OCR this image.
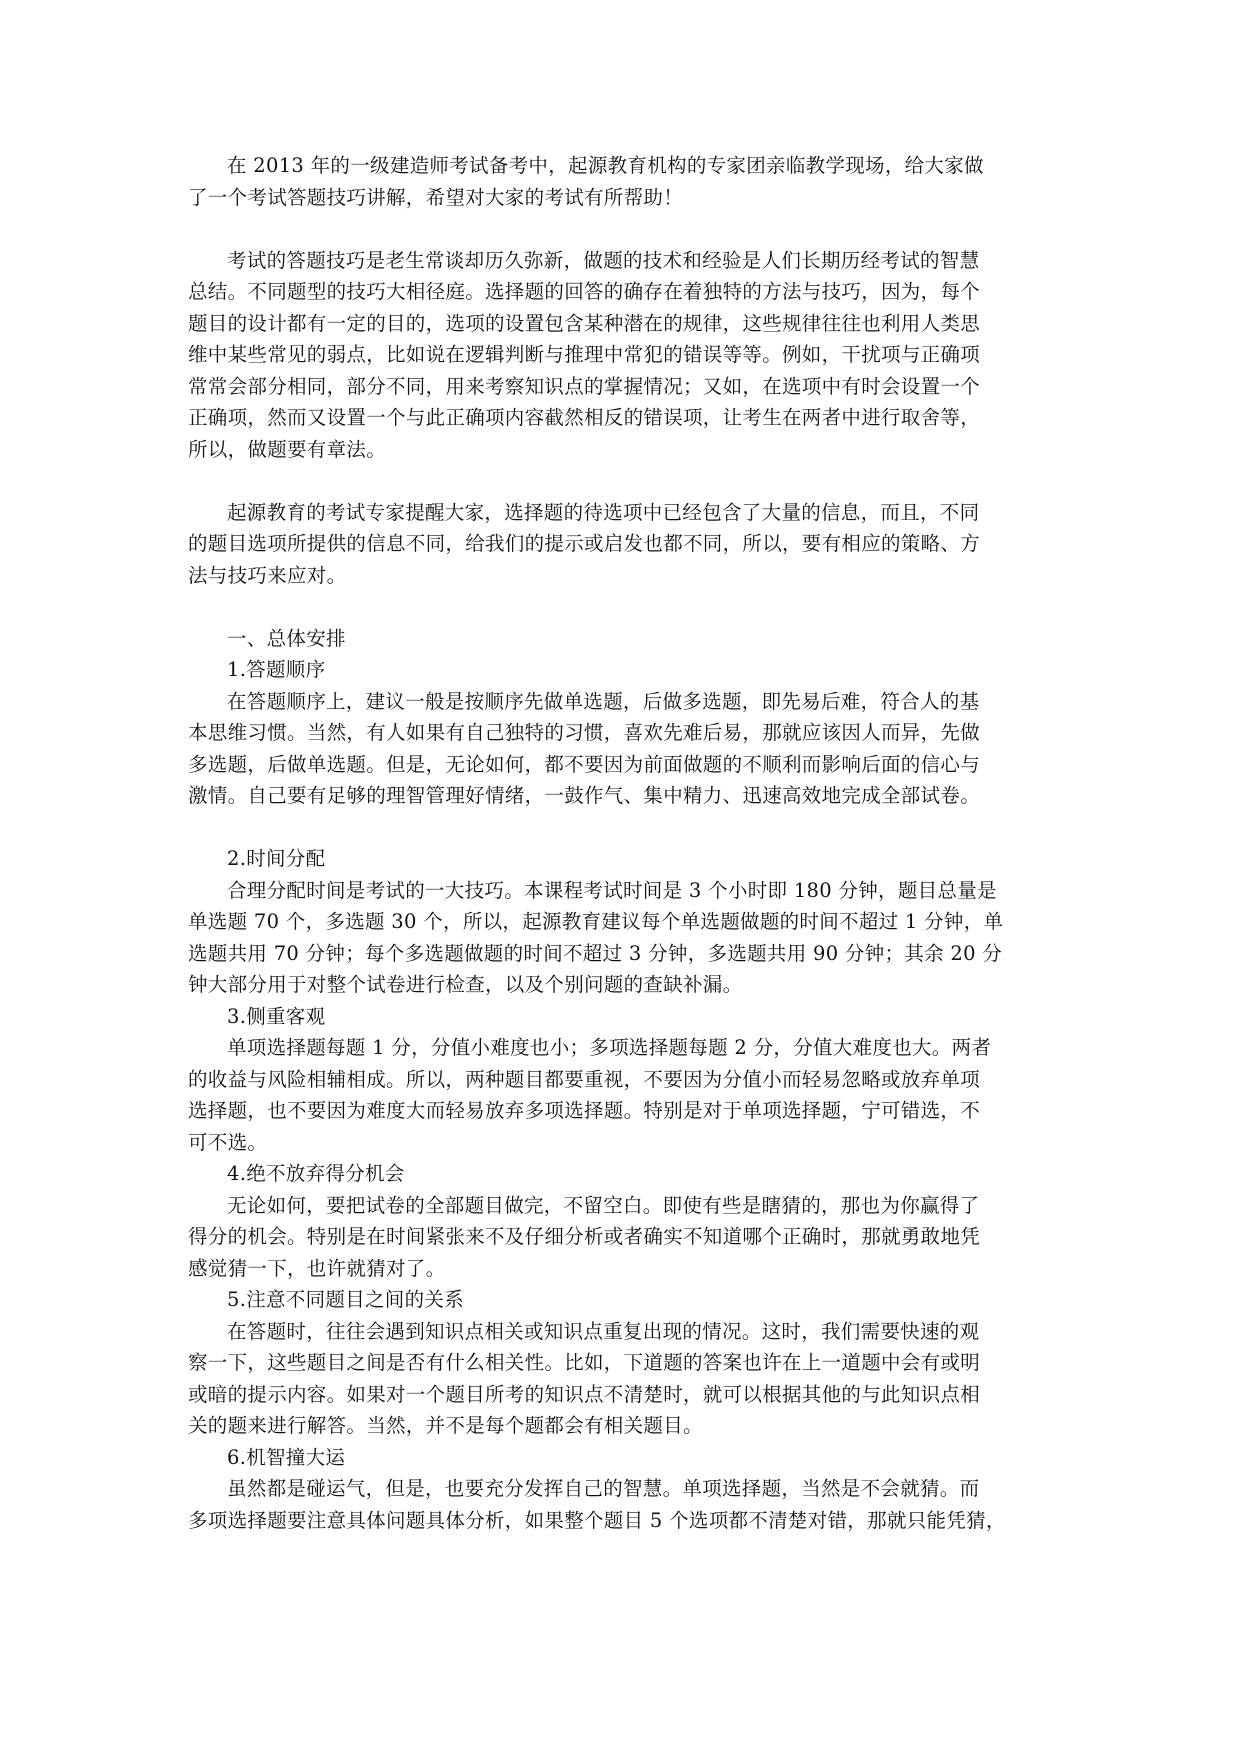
在 2013 年的一级建造师考试备考中，起源教育机构的专家团亲临教学现场，给大家做
了一个考试答题技巧讲解，希望对大家的考试有所帮助！

考试的答题技巧是老生常谈却历久弥新，做题的技术和经验是人们长期历经考试的智慧
总结。不同题型的技巧大相径庭。选择题的回答的确存在着独特的方法与技巧，因为，每个
题目的设计都有一定的目的，选项的设置包含某种潜在的规律，这些规律往往也利用人类思
维中某些常见的弱点，比如说在逻辑判断与推理中常犯的错误等等。例如，干扰项与正确项
常常会部分相同，部分不同，用来考察知识点的掌握情况；又如，在选项中有时会设置一个
正确项，然而又设置一个与此正确项内容截然相反的错误项，让考生在两者中进行取舍等，
所以，做题要有章法。

起源教育的考试专家提醒大家，选择题的待选项中已经包含了大量的信息，而且，不同
的题目选项所提供的信息不同，给我们的提示或启发也都不同，所以，要有相应的策略、方
法与技巧来应对。

一、总体安排

1.答题顺序

在答题顺序上，建议一般是按顺序先做单选题，后做多选题，即先易后难，符合人的基
本思维习惯。当然，有人如果有自己独特的习惯，喜欢先难后易，那就应该因人而异，先做
多选题，后做单选题。但是，无论如何，都不要因为前面做题的不顺利而影响后面的信心与
激情。自己要有足够的理智管理好情绪，一鼓作气、集中精力、迅速高效地完成全部试卷。

2.时间分配

合理分配时间是考试的一大技巧。本课程考试时间是 3 个小时即 180 分钟，题目总量是
单选题 70 个，多选题 30 个，所以，起源教育建议每个单选题做题的时间不超过 1 分钟，单
选题共用 70 分钟；每个多选题做题的时间不超过 3 分钟，多选题共用 90 分钟；其余 20 分
钟大部分用于对整个试卷进行检查，以及个别问题的查缺补漏。

3.侧重客观

单项选择题每题 1 分，分值小难度也小；多项选择题每题 2 分，分值大难度也大。两者
的收益与风险相辅相成。所以，两种题目都要重视，不要因为分值小而轻易忽略或放弃单项
选择题，也不要因为难度大而轻易放弃多项选择题。特别是对于单项选择题，宁可错选，不
可不选。

4.绝不放弃得分机会

无论如何，要把试卷的全部题目做完，不留空白。即使有些是瞎猜的，那也为你赢得了
得分的机会。特别是在时间紧张来不及仔细分析或者确实不知道哪个正确时，那就勇敢地凭
感觉猜一下，也许就猜对了。

5.注意不同题目之间的关系

在答题时，往往会遇到知识点相关或知识点重复出现的情况。这时，我们需要快速的观
察一下，这些题目之间是否有什么相关性。比如，下道题的答案也许在上一道题中会有或明
或暗的提示内容。如果对一个题目所考的知识点不清楚时，就可以根据其他的与此知识点相
关的题来进行解答。当然，并不是每个题都会有相关题目。

6.机智撞大运

虽然都是碰运气，但是，也要充分发挥自己的智慧。单项选择题，当然是不会就猜。而
多项选择题要注意具体问题具体分析，如果整个题目 5 个选项都不清楚对错，那就只能凭猜，
